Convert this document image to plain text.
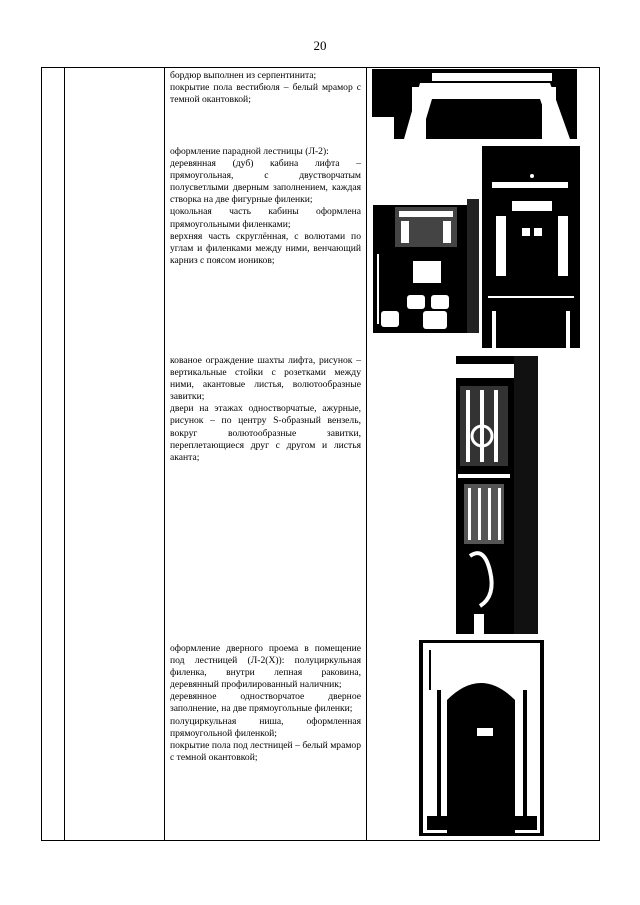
20

бордюр выполнен из серпентинита;

покрытие пола вестибюля – белый мрамор с темной окантовкой;

оформление парадной лестницы (Л-2):

деревянная (дуб) кабина лифта – прямоугольная, с двустворчатым полусветлыми дверным заполнением, каждая створка на две фигурные филенки;

цокольная часть кабины оформлена прямоугольными филенками;

верхняя часть скруглённая, с волютами по углам и филенками между ними, венчающий карниз с поясом иоников;

кованое ограждение шахты лифта, рисунок – вертикальные стойки с розетками между ними, акантовые листья, волютообразные завитки;

двери на этажах одностворчатые, ажурные, рисунок – по центру S-образный вензель, вокруг волютообразные завитки, переплетающиеся друг с другом и листья аканта;

оформление дверного проема в помещение под лестницей (Л-2(Х)): полуциркульная филенка, внутри лепная раковина, деревянный профилированный наличник;

деревянное одностворчатое дверное заполнение, на две прямоугольные филенки;

полуциркульная ниша, оформленная прямоугольной филенкой;

покрытие пола под лестницей – белый мрамор с темной окантовкой;
